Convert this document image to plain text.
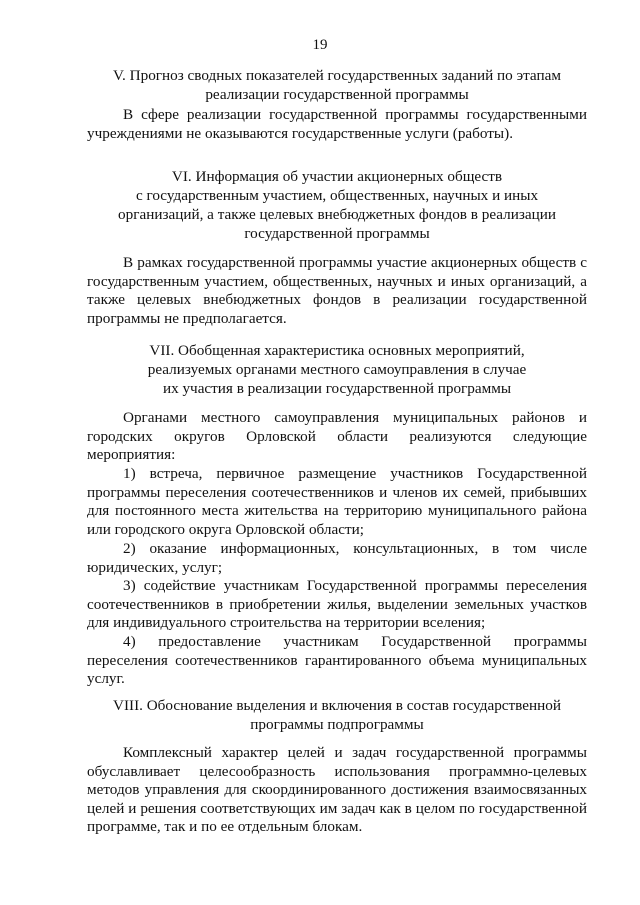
19
V. Прогноз сводных показателей государственных заданий по этапам
реализации государственной программы

В сфере реализации государственной программы государственными учреждениями не оказываются государственные услуги (работы).

VI. Информация об участии акционерных обществ
с государственным участием, общественных, научных и иных
организаций, а также целевых внебюджетных фондов в реализации
государственной программы

В рамках государственной программы участие акционерных обществ с государственным участием, общественных, научных и иных организаций, а также целевых внебюджетных фондов в реализации государственной программы не предполагается.

VII. Обобщенная характеристика основных мероприятий,
реализуемых органами местного самоуправления в случае
их участия в реализации государственной программы

Органами местного самоуправления муниципальных районов и городских округов Орловской области реализуются следующие мероприятия:

1) встреча, первичное размещение участников Государственной программы переселения соотечественников и членов их семей, прибывших для постоянного места жительства на территорию муниципального района или городского округа Орловской области;

2) оказание информационных, консультационных, в том числе юридических, услуг;

3) содействие участникам Государственной программы переселения соотечественников в приобретении жилья, выделении земельных участков для индивидуального строительства на территории вселения;

4) предоставление участникам Государственной программы переселения соотечественников гарантированного объема муниципальных услуг.

VIII. Обоснование выделения и включения в состав государственной
программы подпрограммы

Комплексный характер целей и задач государственной программы обуславливает целесообразность использования программно-целевых методов управления для скоординированного достижения взаимосвязанных целей и решения соответствующих им задач как в целом по государственной программе, так и по ее отдельным блокам.
